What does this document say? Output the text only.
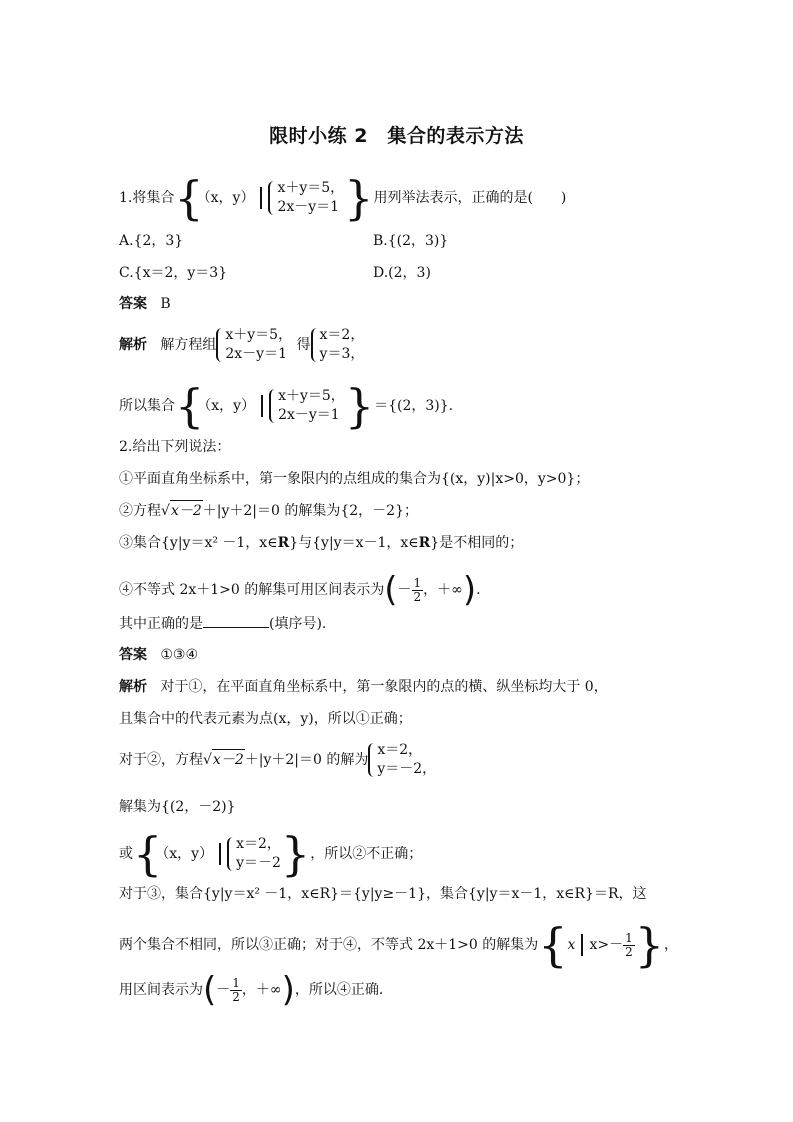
限时小练 2　集合的表示方法
1.将集合{（x，y）
x＋y＝5，
2x－y＝1 }用列举法表示，正确的是(　　)
A.{2，3}	B.{(2，3)}
C.{x＝2，y＝3}	D.(2，3)
答案 B
解析 解方程组
x＋y＝5，
2x－y＝1
得
x＝2，
y＝3，
所以集合{（x，y）
x＋y＝5，
2x－y＝1 }＝{(2，3)}.
2.给出下列说法：
①平面直角坐标系中，第一象限内的点组成的集合为{(x，y)|x>0，y>0}；
②方程√x－2＋|y＋2|＝0 的解集为{2，－2}；
③集合{y|y＝x² －1，x∈R}与{y|y＝x－1，x∈R}是不相同的；
④不等式 2x＋1>0 的解集可用区间表示为(－ $\frac{1}{2}$ ，＋∞).
其中正确的是	(填序号).
答案 ①③④
解析 对于①，在平面直角坐标系中，第一象限内的点的横、纵坐标均大于 0，
且集合中的代表元素为点(x，y)，所以①正确；
对于②，方程√x－2＋|y＋2|＝0 的解为
x＝2，
y＝－2，
解集为{(2，－2)}
或{（x，y）
x＝2，
y＝－2 }，所以②不正确；
对于③，集合{y|y＝x² －1，x∈R}＝{y|y≥－1}，集合{y|y＝x－1，x∈R}＝R，这
两个集合不相同，所以③正确；对于④，不等式 2x＋1>0 的解集为{x $x>- \frac{1}{2}$ }，
用区间表示为(－ $\frac{1}{2}$ ，＋∞)，所以④正确.
